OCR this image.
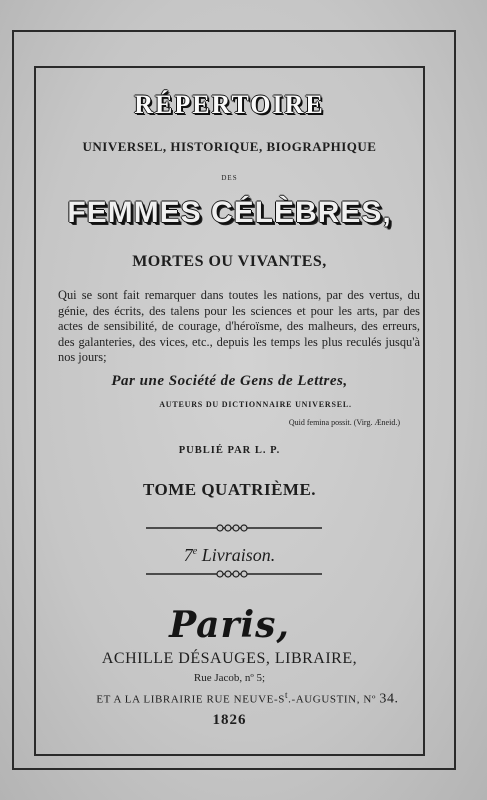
RÉPERTOIRE
UNIVERSEL, HISTORIQUE, BIOGRAPHIQUE
DES
FEMMES CÉLÈBRES,
MORTES OU VIVANTES,
Qui se sont fait remarquer dans toutes les nations, par des vertus, du génie, des écrits, des talens pour les sciences et pour les arts, par des actes de sensibilité, de courage, d'héroïsme, des malheurs, des erreurs, des galanteries, des vices, etc., depuis les temps les plus reculés jusqu'à nos jours;
Par une Société de Gens de Lettres,
AUTEURS DU DICTIONNAIRE UNIVERSEL.
Quid femina possit. (Virg. Æneid.)
PUBLIÉ PAR L. P.
TOME QUATRIÈME.
7e Livraison.
Paris,
ACHILLE DÉSAUGES, LIBRAIRE,
Rue Jacob, nº 5;
ET A LA LIBRAIRIE RUE NEUVE-$S^t$.-AUGUSTIN, Nº 34.
1826
